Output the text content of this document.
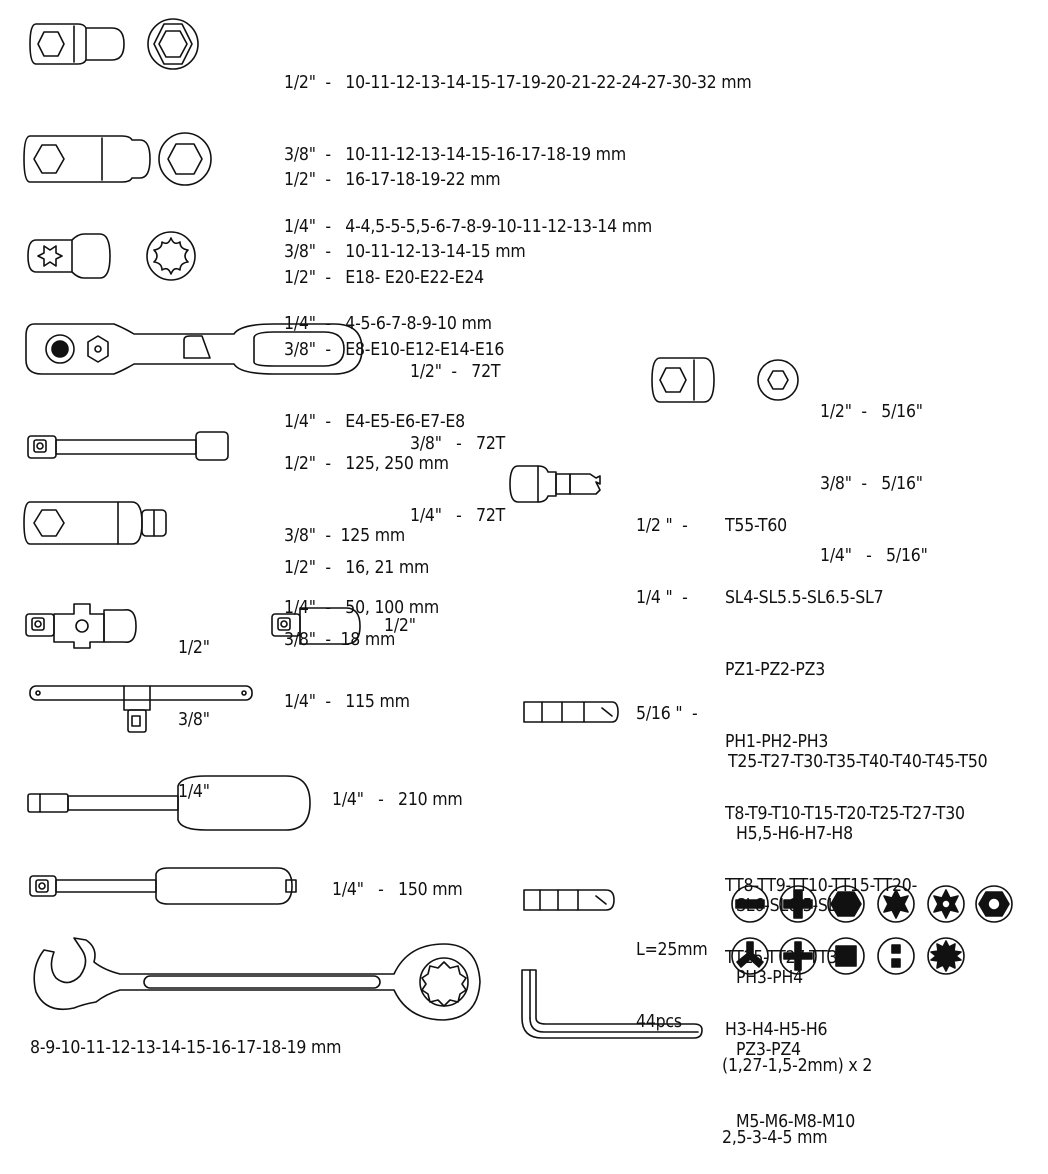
1/2"  -   10-11-12-13-14-15-17-19-20-21-22-24-27-30-32 mm

3/8"  -   10-11-12-13-14-15-16-17-18-19 mm

1/4"  -   4-4,5-5-5,5-6-7-8-9-10-11-12-13-14 mm

1/2"  -   16-17-18-19-22 mm

3/8"  -   10-11-12-13-14-15 mm

1/4"  -   4-5-6-7-8-9-10 mm

1/2"  -   E18- E20-E22-E24

3/8"  -   E8-E10-E12-E14-E16

1/4"  -   E4-E5-E6-E7-E8

1/2"  -   72T

3/8"   -   72T

1/4"   -   72T

1/2"  -   125, 250 mm

3/8"  -  125 mm

1/4"  -   50, 100 mm

1/2"  -   16, 21 mm

3/8"  -  18 mm

1/2"

3/8"

1/4"

1/2"
1/4"  -   115 mm
1/4"   -   210 mm
1/4"   -   150 mm
8-9-10-11-12-13-14-15-16-17-18-19 mm

1/2"  -   5/16"

3/8"  -   5/16"

1/4"   -   5/16"

1/2 "  -

1/4 "  -

T55-T60

SL4-SL5.5-SL6.5-SL7

PZ1-PZ2-PZ3

PH1-PH2-PH3

T8-T9-T10-T15-T20-T25-T27-T30

TT8-TT9-TT10-TT15-TT20-

TT25-TT27-TT30

H3-H4-H5-H6

5/16 "  -

T25-T27-T30-T35-T40-T40-T45-T50

H5,5-H6-H7-H8

SL6-SL6,5-SL8

PH3-PH4

PZ3-PZ4

M5-M6-M8-M10

L=25mm

44pcs

(1,27-1,5-2mm) x 2

2,5-3-4-5 mm
